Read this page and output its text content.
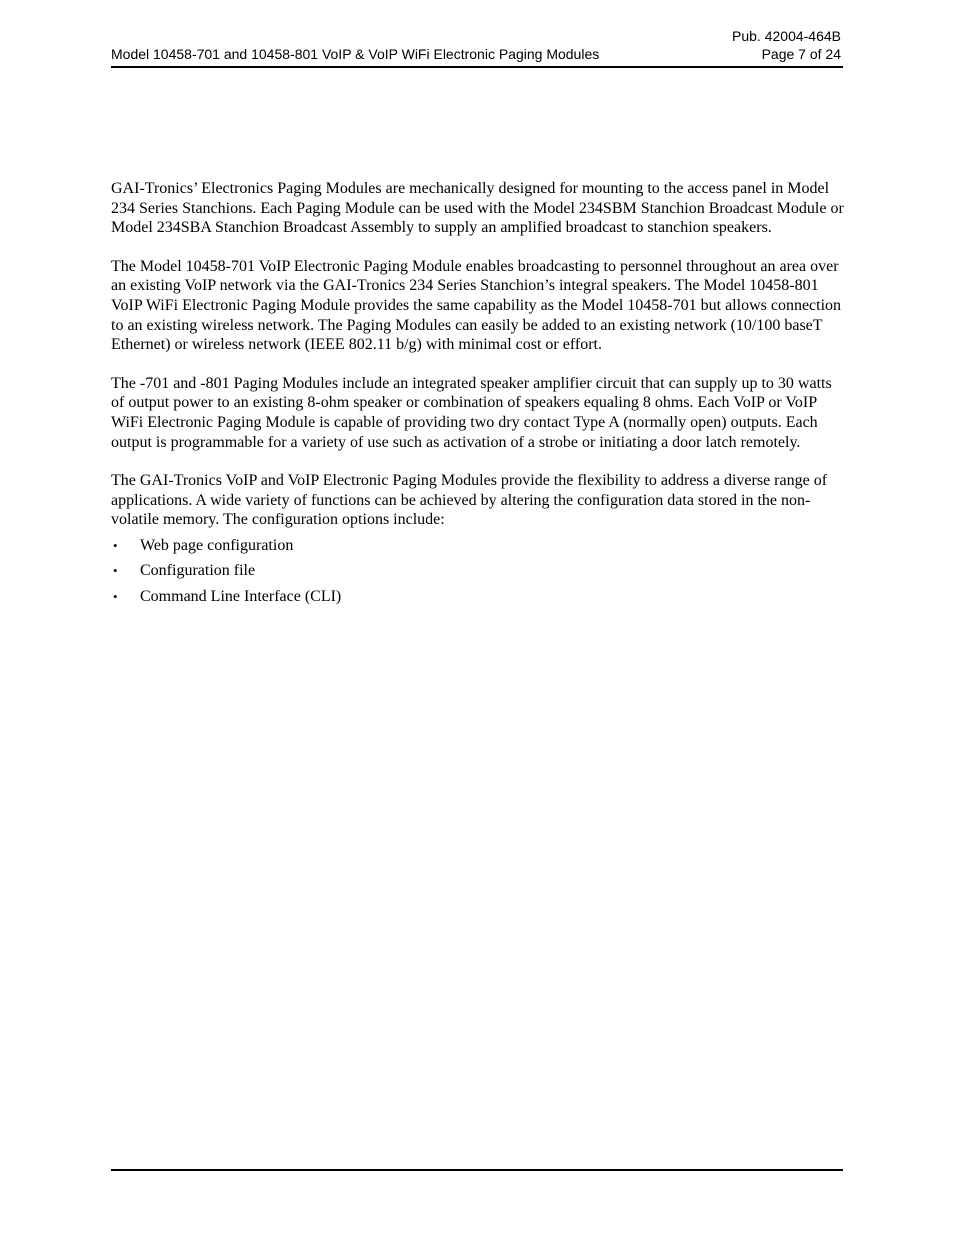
Pub. 42004-464B
Model 10458-701 and 10458-801 VoIP & VoIP WiFi Electronic Paging Modules	Page 7 of 24

GAI-Tronics’ Electronics Paging Modules are mechanically designed for mounting to the access panel in Model 234 Series Stanchions. Each Paging Module can be used with the Model 234SBM Stanchion Broadcast Module or Model 234SBA Stanchion Broadcast Assembly to supply an amplified broadcast to stanchion speakers.

The Model 10458-701 VoIP Electronic Paging Module enables broadcasting to personnel throughout an area over an existing VoIP network via the GAI-Tronics 234 Series Stanchion’s integral speakers. The Model 10458-801 VoIP WiFi Electronic Paging Module provides the same capability as the Model 10458-701 but allows connection to an existing wireless network. The Paging Modules can easily be added to an existing network (10/100 baseT Ethernet) or wireless network (IEEE 802.11 b/g) with minimal cost or effort.

The -701 and -801 Paging Modules include an integrated speaker amplifier circuit that can supply up to 30 watts of output power to an existing 8-ohm speaker or combination of speakers equaling 8 ohms. Each VoIP or VoIP WiFi Electronic Paging Module is capable of providing two dry contact Type A (normally open) outputs. Each output is programmable for a variety of use such as activation of a strobe or initiating a door latch remotely.

The GAI-Tronics VoIP and VoIP Electronic Paging Modules provide the flexibility to address a diverse range of applications. A wide variety of functions can be achieved by altering the configuration data stored in the non-volatile memory. The configuration options include:

• Web page configuration
• Configuration file
• Command Line Interface (CLI)
